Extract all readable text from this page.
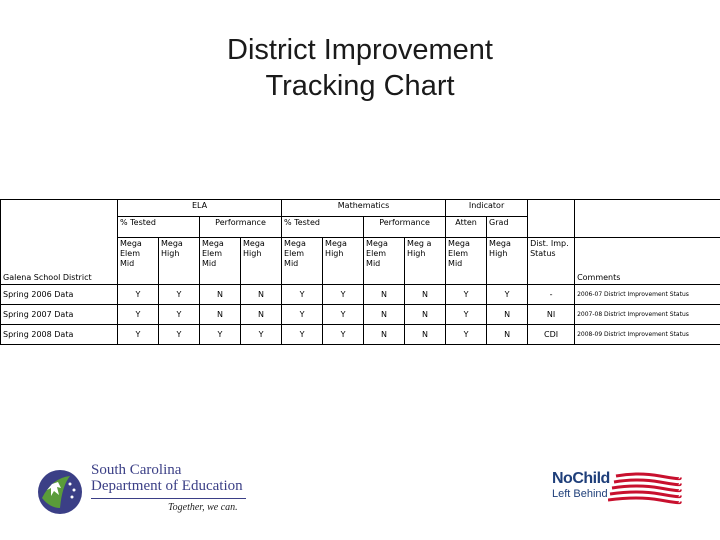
District Improvement
Tracking Chart
Galena School District	ELA				Mathematics				Indicator			
	% Tested		Performance		% Tested		Performance		Atten	Grad		
	Mega Elem Mid	Mega High	Mega Elem Mid	Mega High	Mega Elem Mid	Mega High	Mega Elem Mid	Meg a High	Mega Elem Mid	Mega High	Dist. Imp. Status	Comments
Spring 2006 Data	Y	Y	N	N	Y	Y	N	N	Y	Y	-	2006-07 District Improvement Status
Spring 2007 Data	Y	Y	N	N	Y	Y	N	N	Y	N	NI	2007-08 District Improvement Status
Spring 2008 Data	Y	Y	Y	Y	Y	Y	N	N	Y	N	CDI	2008-09 District Improvement Status
South Carolina
Department of Education
Together, we can.
NoChild
Left Behind
